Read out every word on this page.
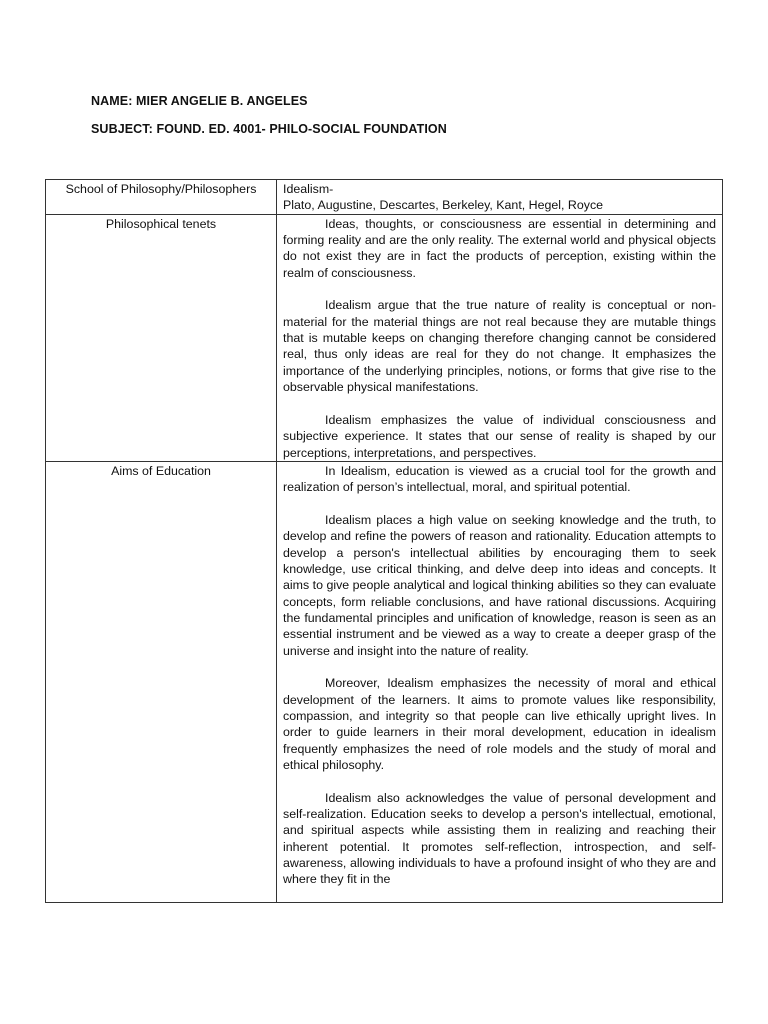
NAME: MIER ANGELIE B. ANGELES
SUBJECT: FOUND. ED. 4001- PHILO-SOCIAL FOUNDATION
School of Philosophy/Philosophers	Idealism-
Plato, Augustine, Descartes, Berkeley, Kant, Hegel, Royce

Philosophical tenets	Ideas, thoughts, or consciousness are essential in determining and forming reality and are the only reality. The external world and physical objects do not exist they are in fact the products of perception, existing within the realm of consciousness.

Idealism argue that the true nature of reality is conceptual or non-material for the material things are not real because they are mutable things that is mutable keeps on changing therefore changing cannot be considered real, thus only ideas are real for they do not change. It emphasizes the importance of the underlying principles, notions, or forms that give rise to the observable physical manifestations.

Idealism emphasizes the value of individual consciousness and subjective experience. It states that our sense of reality is shaped by our perceptions, interpretations, and perspectives.

Aims of Education	In Idealism, education is viewed as a crucial tool for the growth and realization of person’s intellectual, moral, and spiritual potential.

Idealism places a high value on seeking knowledge and the truth, to develop and refine the powers of reason and rationality. Education attempts to develop a person's intellectual abilities by encouraging them to seek knowledge, use critical thinking, and delve deep into ideas and concepts. It aims to give people analytical and logical thinking abilities so they can evaluate concepts, form reliable conclusions, and have rational discussions. Acquiring the fundamental principles and unification of knowledge, reason is seen as an essential instrument and be viewed as a way to create a deeper grasp of the universe and insight into the nature of reality.

Moreover, Idealism emphasizes the necessity of moral and ethical development of the learners. It aims to promote values like responsibility, compassion, and integrity so that people can live ethically upright lives. In order to guide learners in their moral development, education in idealism frequently emphasizes the need of role models and the study of moral and ethical philosophy.

Idealism also acknowledges the value of personal development and self-realization. Education seeks to develop a person's intellectual, emotional, and spiritual aspects while assisting them in realizing and reaching their inherent potential. It promotes self-reflection, introspection, and self-awareness, allowing individuals to have a profound insight of who they are and where they fit in the
